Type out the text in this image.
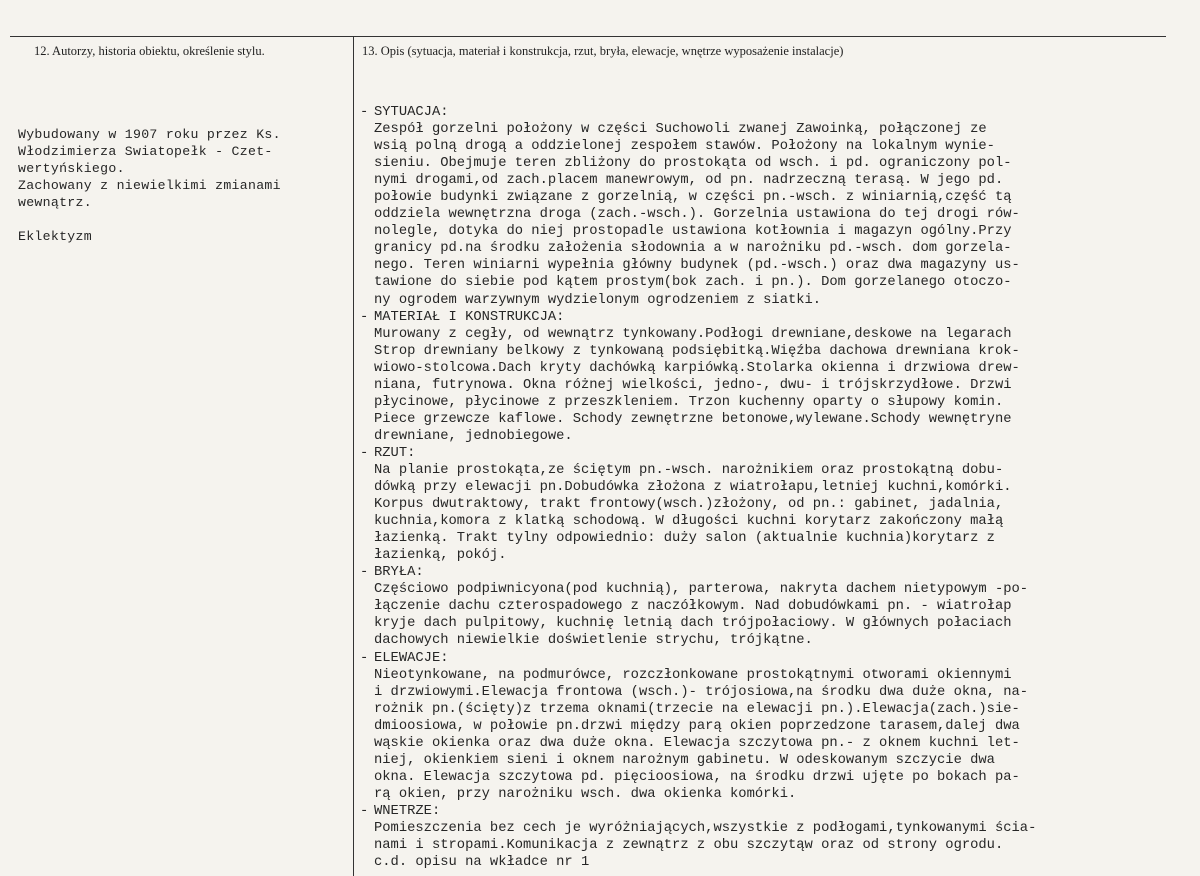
12. Autorzy, historia obiektu, określenie stylu.	13. Opis (sytuacja, materiał i konstrukcja, rzut, bryła, elewacje, wnętrze wyposażenie instalacje)
Wybudowany w 1907 roku przez Ks.
Włodzimierza Swiatopełk - Czet-
wertyńskiego.
Zachowany z niewielkimi zmianami
wewnątrz.
Eklektyzm
- SYTUACJA:
Zespół gorzelni położony w części Suchowoli zwanej Zawoinką, połączonej ze
wsią polną drogą a oddzielonej zespołem stawów. Położony na lokalnym wynie-
sieniu. Obejmuje teren zbliżony do prostokąta od wsch. i pd. ograniczony pol-
nymi drogami,od zach.placem manewrowym, od pn. nadrzeczną terasą. W jego pd.
połowie budynki związane z gorzelnią, w części pn.-wsch. z winiarnią,część tą
oddziela wewnętrzna droga (zach.-wsch.). Gorzelnia ustawiona do tej drogi rów-
nolegle, dotyka do niej prostopadle ustawiona kotłownia i magazyn ogólny.Przy
granicy pd.na środku założenia słodownia a w narożniku pd.-wsch. dom gorzela-
nego. Teren winiarni wypełnia główny budynek (pd.-wsch.) oraz dwa magazyny us-
tawione do siebie pod kątem prostym(bok zach. i pn.). Dom gorzelanego otoczo-
ny ogrodem warzywnym wydzielonym ogrodzeniem z siatki.
- MATERIAŁ I KONSTRUKCJA:
Murowany z cegły, od wewnątrz tynkowany.Podłogi drewniane,deskowe na legarach
Strop drewniany belkowy z tynkowaną podsiębitką.Więźba dachowa drewniana krok-
wiowo-stolcowa.Dach kryty dachówką karpiówką.Stolarka okienna i drzwiowa drew-
niana, futrynowa. Okna różnej wielkości, jedno-, dwu- i trójskrzydłowe. Drzwi
płycinowe, płycinowe z przeszkleniem. Trzon kuchenny oparty o słupowy komin.
Piece grzewcze kaflowe. Schody zewnętrzne betonowe,wylewane.Schody wewnętryne
drewniane, jednobiegowe.
- RZUT:
Na planie prostokąta,ze ściętym pn.-wsch. narożnikiem oraz prostokątną dobu-
dówką przy elewacji pn.Dobudówka złożona z wiatrołapu,letniej kuchni,komórki.
Korpus dwutraktowy, trakt frontowy(wsch.)złożony, od pn.: gabinet, jadalnia,
kuchnia,komora z klatką schodową. W długości kuchni korytarz zakończony małą
łazienką. Trakt tylny odpowiednio: duży salon (aktualnie kuchnia)korytarz z
łazienką, pokój.
- BRYŁA:
Częściowo podpiwnicyona(pod kuchnią), parterowa, nakryta dachem nietypowym -po-
łączenie dachu czterospadowego z naczółkowym. Nad dobudówkami pn. - wiatrołap
kryje dach pulpitowy, kuchnię letnią dach trójpołaciowy. W głównych połaciach
dachowych niewielkie doświetlenie strychu, trójkątne.
- ELEWACJE:
Nieotynkowane, na podmurówce, rozczłonkowane prostokątnymi otworami okiennymi
i drzwiowymi.Elewacja frontowa (wsch.)- trójosiowa,na środku dwa duże okna, na-
rożnik pn.(ścięty)z trzema oknami(trzecie na elewacji pn.).Elewacja(zach.)sie-
dmioosiowa, w połowie pn.drzwi między parą okien poprzedzone tarasem,dalej dwa
wąskie okienka oraz dwa duże okna. Elewacja szczytowa pn.- z oknem kuchni let-
niej, okienkiem sieni i oknem narożnym gabinetu. W odeskowanym szczycie dwa
okna. Elewacja szczytowa pd. pięcioosiowa, na środku drzwi ujęte po bokach pa-
rą okien, przy narożniku wsch. dwa okienka komórki.
- WNETRZE:
Pomieszczenia bez cech je wyróżniających,wszystkie z podłogami,tynkowanymi ścia-
nami i stropami.Komunikacja z zewnątrz z obu szczytąw oraz od strony ogrodu.
c.d. opisu na wkładce nr 1
